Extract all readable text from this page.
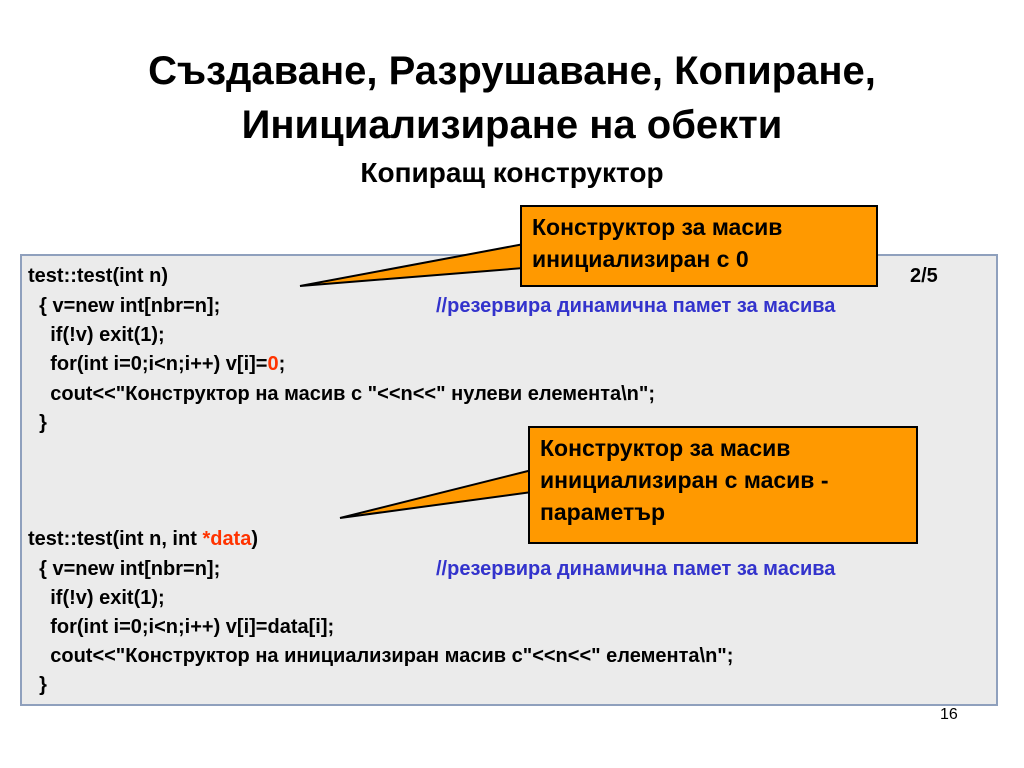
Създаване, Разрушаване, Копиране,
Инициализиране на обекти
Копиращ конструктор
test::test(int n)	2/5
{ v=new int[nbr=n];	//резервира динамична памет за масива
if(!v) exit(1);
for(int i=0;i<n;i++) v[i]=0;
cout<<"Конструктор на масив с "<<n<<" нулеви елемента\n";
}
test::test(int n, int *data)
{ v=new int[nbr=n];	//резервира динамична памет за масива
if(!v) exit(1);
for(int i=0;i<n;i++) v[i]=data[i];
cout<<"Конструктор на инициализиран масив с"<<n<<" елемента\n";
}
Конструктор за масив
инициализиран с 0
Конструктор за масив
инициализиран с масив -
параметър
16
